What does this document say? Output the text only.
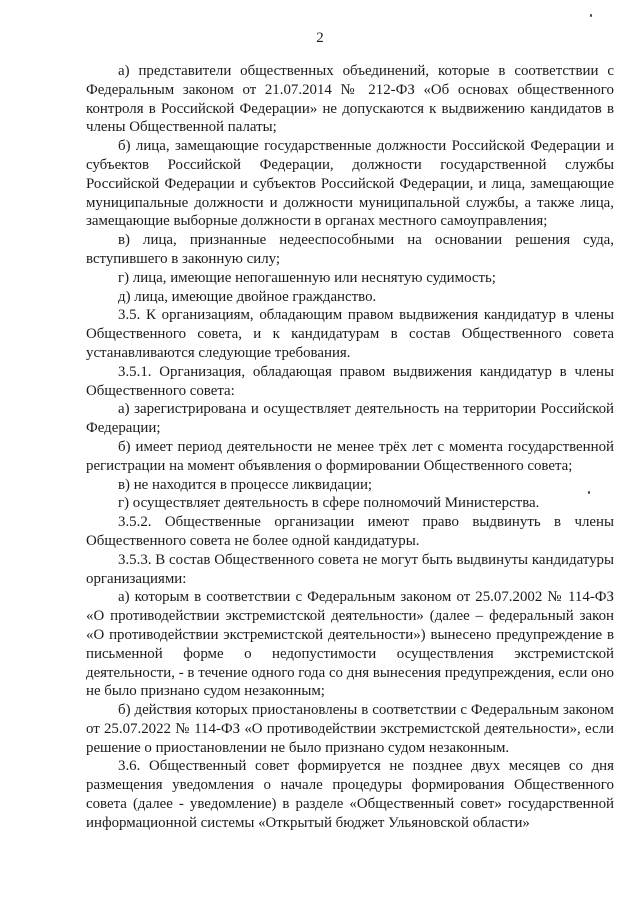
2

а) представители общественных объединений, которые в соответствии с Федеральным законом от 21.07.2014 № 212-ФЗ «Об основах общественного контроля в Российской Федерации» не допускаются к выдвижению кандидатов в члены Общественной палаты;

б) лица, замещающие государственные должности Российской Федерации и субъектов Российской Федерации, должности государственной службы Российской Федерации и субъектов Российской Федерации, и лица, замещающие муниципальные должности и должности муниципальной службы, а также лица, замещающие выборные должности в органах местного самоуправления;

в) лица, признанные недееспособными на основании решения суда, вступившего в законную силу;

г) лица, имеющие непогашенную или неснятую судимость;

д) лица, имеющие двойное гражданство.

3.5. К организациям, обладающим правом выдвижения кандидатур в члены Общественного совета, и к кандидатурам в состав Общественного совета устанавливаются следующие требования.

3.5.1. Организация, обладающая правом выдвижения кандидатур в члены Общественного совета:

а) зарегистрирована и осуществляет деятельность на территории Российской Федерации;

б) имеет период деятельности не менее трёх лет с момента государственной регистрации на момент объявления о формировании Общественного совета;

в) не находится в процессе ликвидации;

г) осуществляет деятельность в сфере полномочий Министерства.

3.5.2. Общественные организации имеют право выдвинуть в члены Общественного совета не более одной кандидатуры.

3.5.3. В состав Общественного совета не могут быть выдвинуты кандидатуры организациями:

а) которым в соответствии с Федеральным законом от 25.07.2002 № 114-ФЗ «О противодействии экстремистской деятельности» (далее – федеральный закон «О противодействии экстремистской деятельности») вынесено предупреждение в письменной форме о недопустимости осуществления экстремистской деятельности, - в течение одного года со дня вынесения предупреждения, если оно не было признано судом незаконным;

б) действия которых приостановлены в соответствии с Федеральным законом от 25.07.2022 № 114-ФЗ «О противодействии экстремистской деятельности», если решение о приостановлении не было признано судом незаконным.

3.6. Общественный совет формируется не позднее двух месяцев со дня размещения уведомления о начале процедуры формирования Общественного совета (далее - уведомление) в разделе «Общественный совет» государственной информационной системы «Открытый бюджет Ульяновской области»
